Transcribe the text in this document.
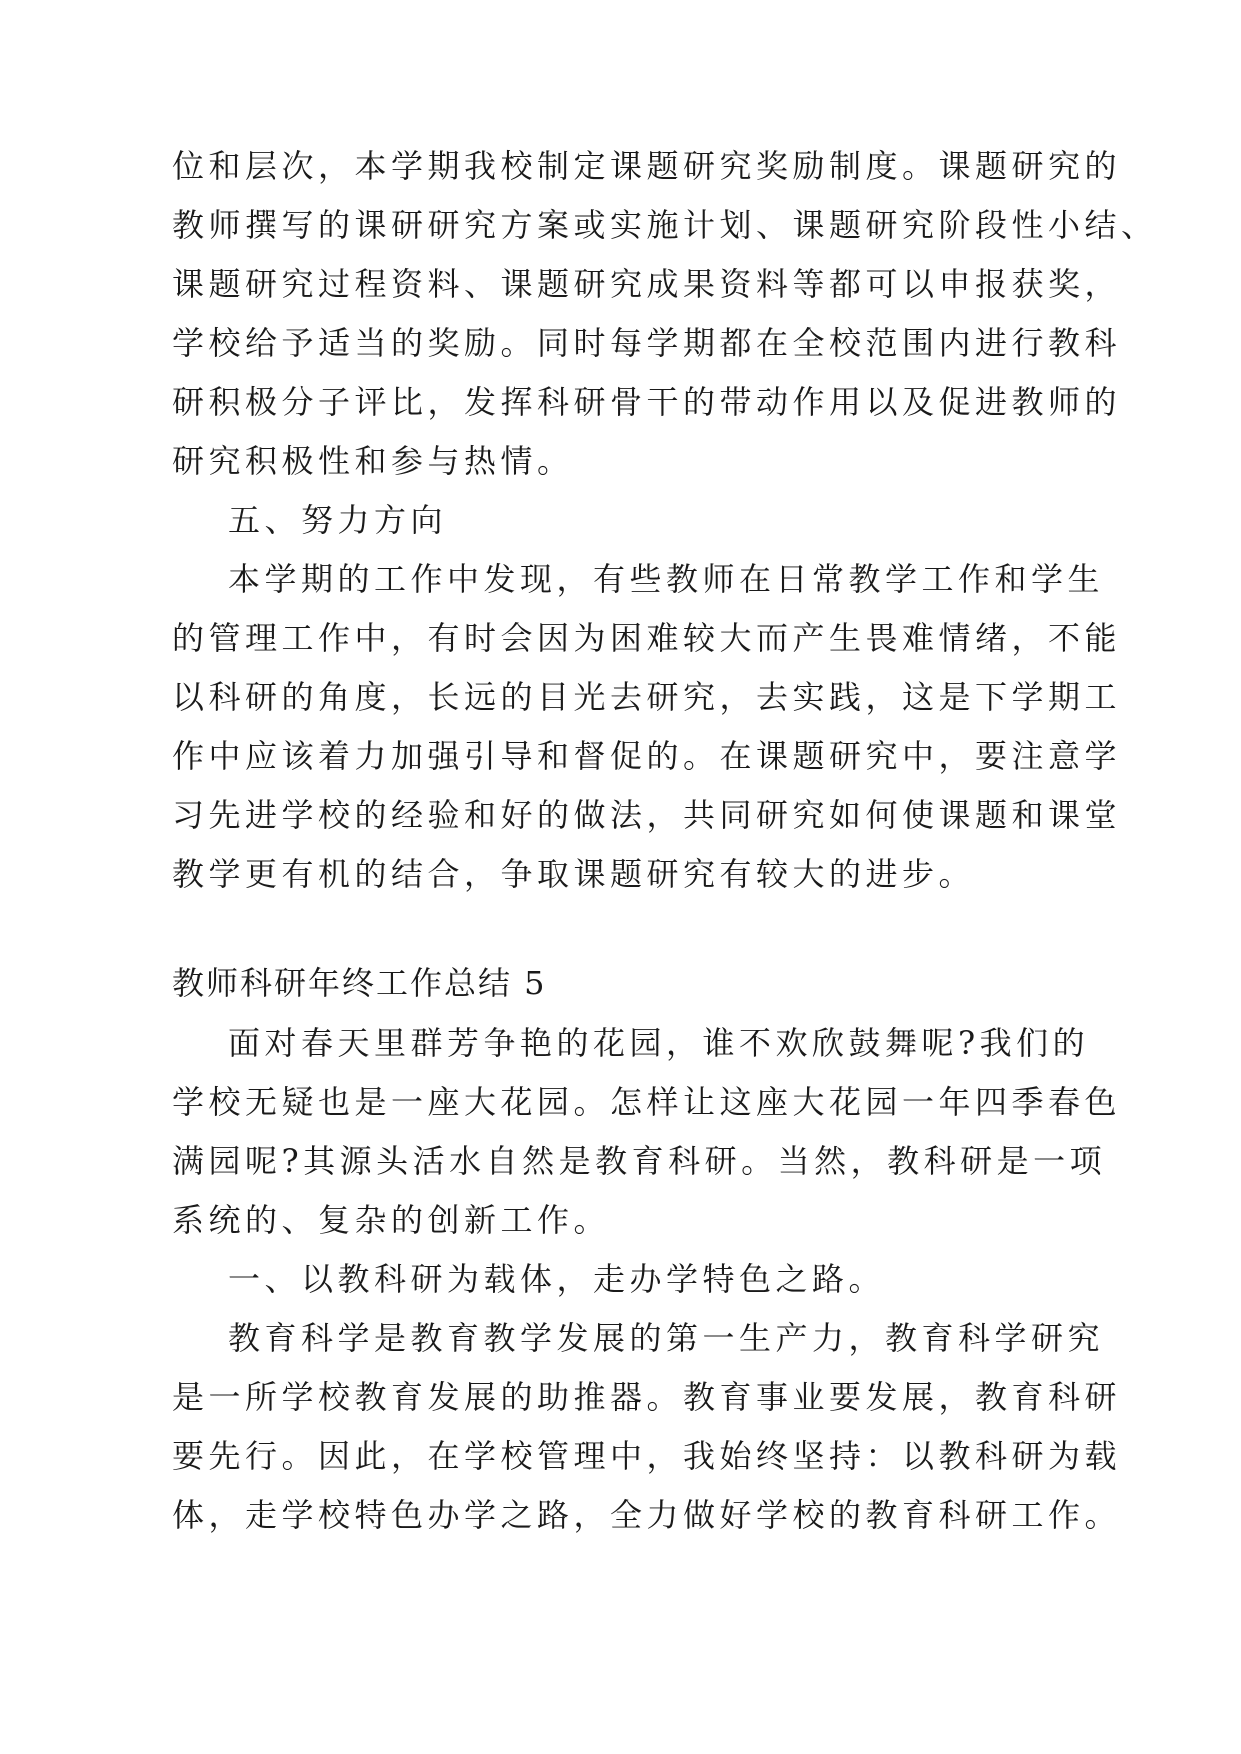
位和层次，本学期我校制定课题研究奖励制度。课题研究的
教师撰写的课研研究方案或实施计划、课题研究阶段性小结、
课题研究过程资料、课题研究成果资料等都可以申报获奖，
学校给予适当的奖励。同时每学期都在全校范围内进行教科
研积极分子评比，发挥科研骨干的带动作用以及促进教师的
研究积极性和参与热情。
五、努力方向
本学期的工作中发现，有些教师在日常教学工作和学生
的管理工作中，有时会因为困难较大而产生畏难情绪，不能
以科研的角度，长远的目光去研究，去实践，这是下学期工
作中应该着力加强引导和督促的。在课题研究中，要注意学
习先进学校的经验和好的做法，共同研究如何使课题和课堂
教学更有机的结合，争取课题研究有较大的进步。
教师科研年终工作总结 5
面对春天里群芳争艳的花园，谁不欢欣鼓舞呢?我们的
学校无疑也是一座大花园。怎样让这座大花园一年四季春色
满园呢?其源头活水自然是教育科研。当然，教科研是一项
系统的、复杂的创新工作。
一、以教科研为载体，走办学特色之路。
教育科学是教育教学发展的第一生产力，教育科学研究
是一所学校教育发展的助推器。教育事业要发展，教育科研
要先行。因此，在学校管理中，我始终坚持：以教科研为载
体，走学校特色办学之路，全力做好学校的教育科研工作。
